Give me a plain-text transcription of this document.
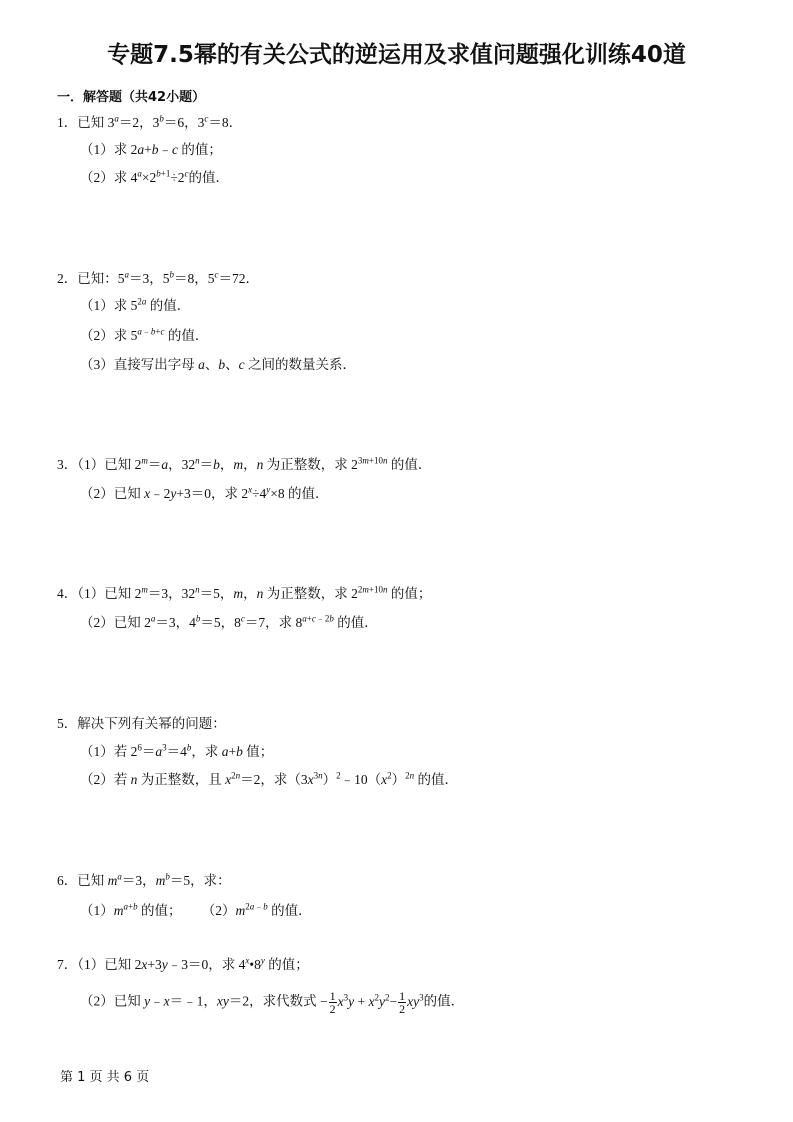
专题7.5幂的有关公式的逆运用及求值问题强化训练40道
一．解答题（共42小题）
1．已知 $3^a=2$，$3^b=6$，$3^c=8$．
（1）求 2a+b﹣c 的值；
（2）求 $4^a\times 2^{b+1}\div 2^c$的值．
2．已知：$5^a=3$，$5^b=8$，$5^c=72$．
（1）求 $5^{2a}$ 的值．
（2）求 $5^{a﹣b+c}$ 的值．
（3）直接写出字母 a、b、c 之间的数量关系．
3．（1）已知 $2^m=a$，$32^n=b$，m，n 为正整数，求 $2^{3m+10n}$ 的值．
（2）已知 x﹣2y+3＝0，求 $2^x\div 4^y\times 8$ 的值．
4．（1）已知 $2^m=3$，$32^n=5$，m，n 为正整数，求 $2^{2m+10n}$ 的值；
（2）已知 $2^a=3$，$4^b=5$，$8^c=7$，求 $8^{a+c﹣2b}$ 的值．
5．解决下列有关幂的问题：
（1）若 $2^6=a^3=4^b$，求 a+b 值；
（2）若 n 为正整数，且 $x^{2n}=2$，求$(3x^{3n})^2﹣10(x^2)^{2n}$ 的值．
6．已知 $m^a=3$，$m^b=5$，求：
$(1)m^{a+b}$ 的值； $(2)m^{2a﹣b}$ 的值．
7．（1）已知 2x+3y﹣3＝0，求 4$^x$•8$^y$ 的值；
（2）已知 y﹣x＝﹣1，xy＝2，求代数式 − $\frac{1}{2} x^3y + x^2y^2- \frac{1}{2} xy^3$的值．
第 1 页 共 6 页
